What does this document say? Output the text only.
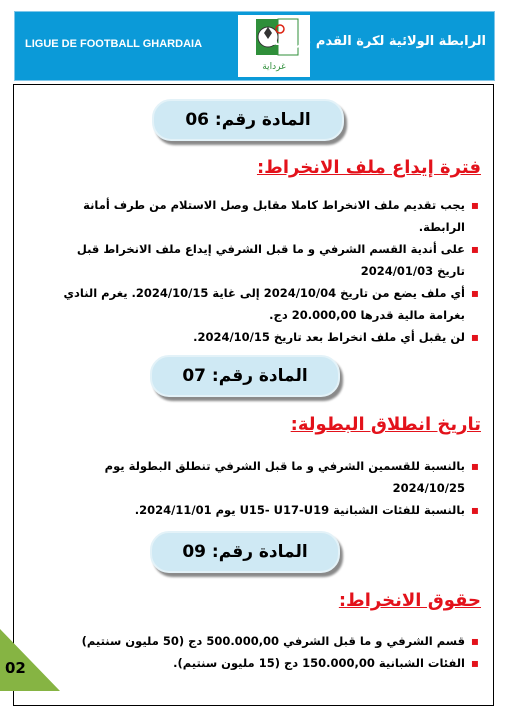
LIGUE DE FOOTBALL GHARDAIA
غرداية
الرابطة الولائية لكرة القدم غرداية
المادة رقم: 06
فترة إيداع ملف الانخراط:
▪ يجب تقديم ملف الانخراط كاملا مقابل وصل الاستلام من طرف أمانة الرابطة.
▪ على أندية القسم الشرفي و ما قبل الشرفي إيداع ملف الانخراط قبل تاريخ 2024/01/03
▪ أي ملف يضع من تاريخ 2024/10/04 إلى غاية 2024/10/15. يغرم النادي بغرامة مالية قدرها 20.000,00 دج.
▪ لن يقبل أي ملف انخراط بعد تاريخ 2024/10/15.
المادة رقم: 07
تاريخ انطلاق البطولة:
▪ بالنسبة للقسمين الشرفي و ما قبل الشرفي تنطلق البطولة يوم 2024/10/25
▪ بالنسبة للفئات الشبانية U15- U17-U19 يوم 2024/11/01.
المادة رقم: 09
حقوق الانخراط:
▪ قسم الشرفي و ما قبل الشرفي 500.000,00 دج (50 مليون سنتيم)
▪ الفئات الشبانية 150.000,00 دج (15 مليون سنتيم).
02
